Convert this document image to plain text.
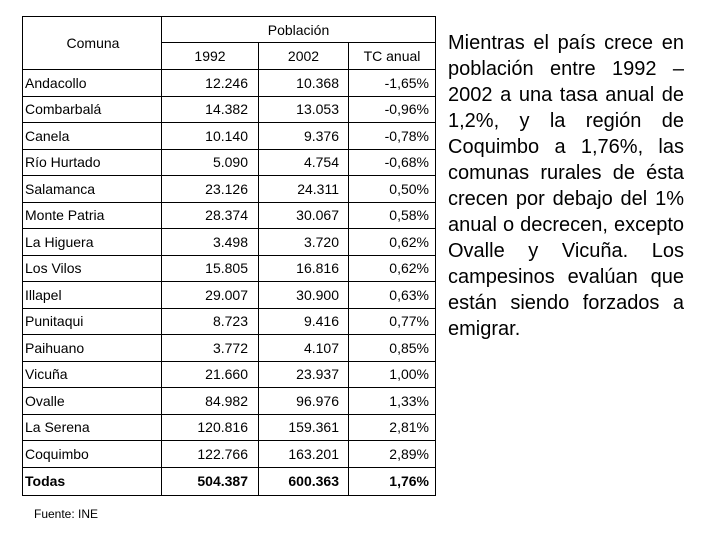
Comuna	Población		
	1992	2002	TC anual
Andacollo	12.246	10.368	-1,65%
Combarbalá	14.382	13.053	-0,96%
Canela	10.140	9.376	-0,78%
Río Hurtado	5.090	4.754	-0,68%
Salamanca	23.126	24.311	0,50%
Monte Patria	28.374	30.067	0,58%
La Higuera	3.498	3.720	0,62%
Los Vilos	15.805	16.816	0,62%
Illapel	29.007	30.900	0,63%
Punitaqui	8.723	9.416	0,77%
Paihuano	3.772	4.107	0,85%
Vicuña	21.660	23.937	1,00%
Ovalle	84.982	96.976	1,33%
La Serena	120.816	159.361	2,81%
Coquimbo	122.766	163.201	2,89%
Todas	504.387	600.363	1,76%
Fuente: INE
Mientras el país crece en población entre 1992 – 2002 a una tasa anual de 1,2%, y la región de Coquimbo a 1,76%, las comunas rurales de ésta crecen por debajo del 1% anual o decrecen, excepto Ovalle y Vicuña. Los campesinos evalúan que están siendo forzados a emigrar.
